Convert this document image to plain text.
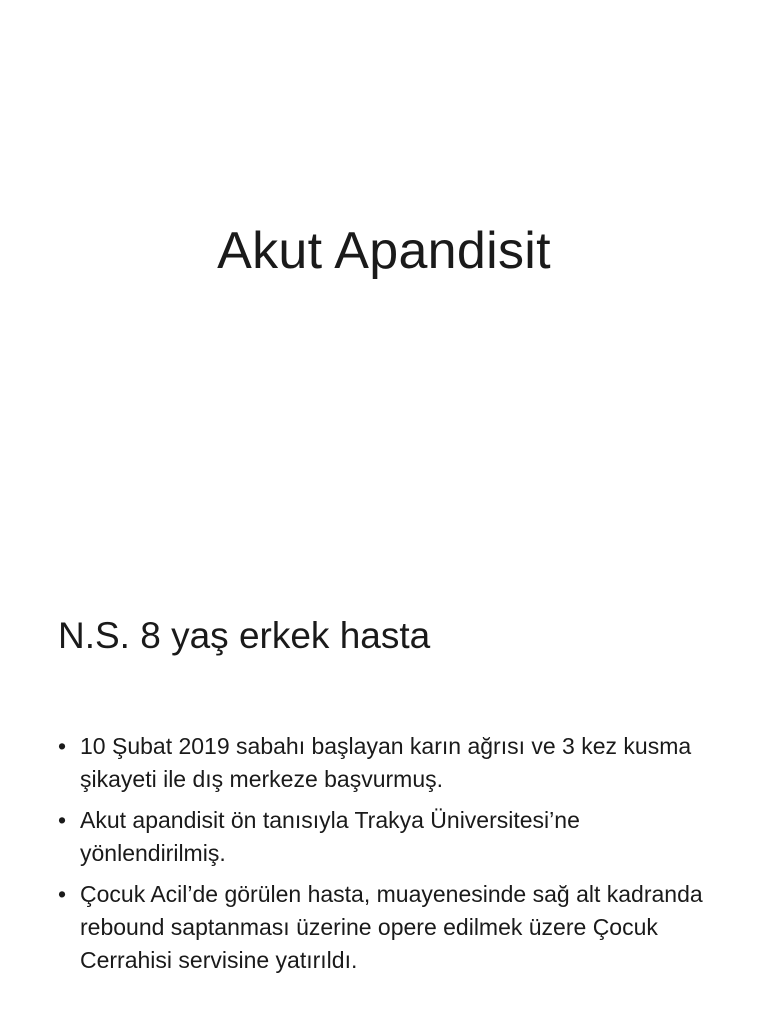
Akut Apandisit
N.S. 8 yaş erkek hasta
• 10 Şubat 2019 sabahı başlayan karın ağrısı ve 3 kez kusma şikayeti ile dış merkeze başvurmuş.
• Akut apandisit ön tanısıyla Trakya Üniversitesi’ne yönlendirilmiş.
• Çocuk Acil’de görülen hasta, muayenesinde sağ alt kadranda rebound saptanması üzerine opere edilmek üzere Çocuk Cerrahisi servisine yatırıldı.
